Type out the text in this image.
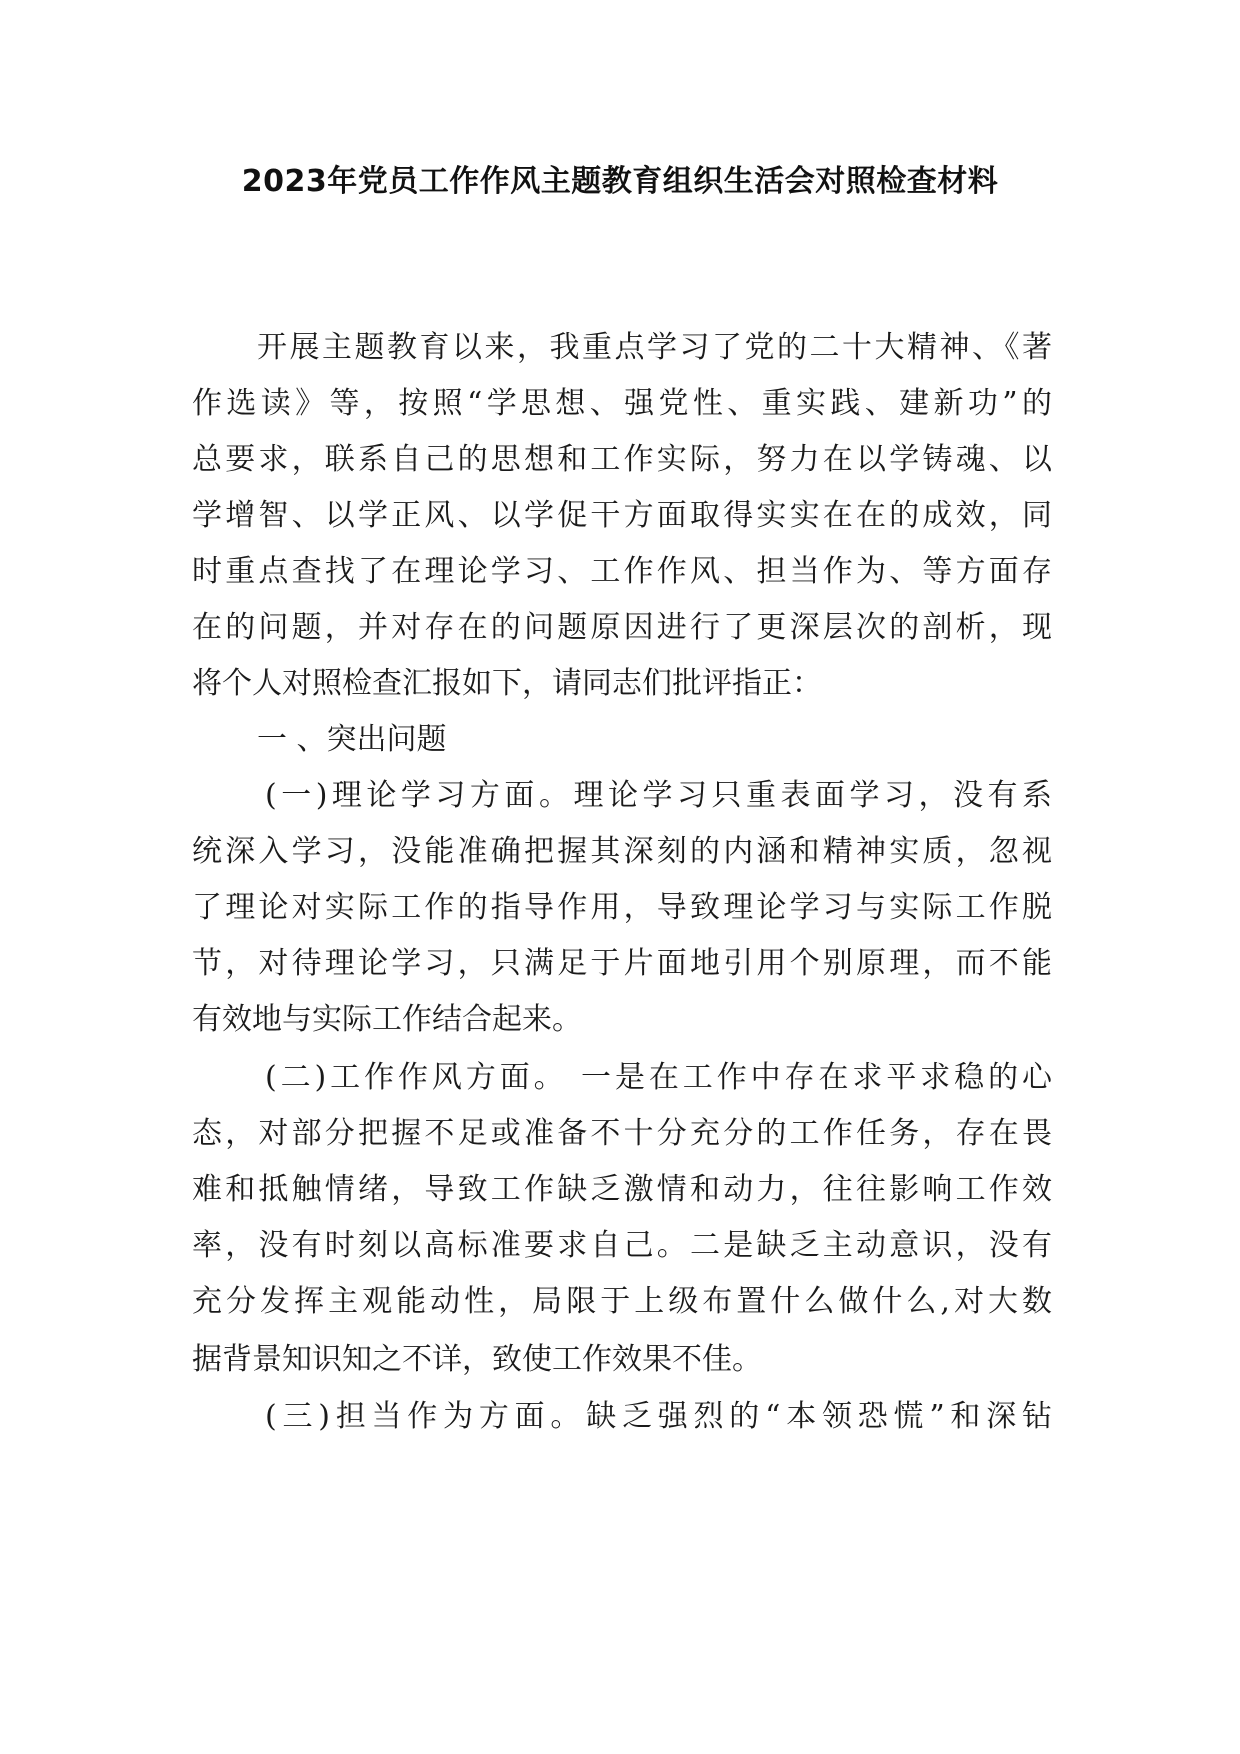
2023年党员工作作风主题教育组织生活会对照检查材料
开展主题教育以来，我重点学习了党的二十大精神、《著
作选读》等，按照“学思想、强党性、重实践、建新功”的
总要求，联系自己的思想和工作实际，努力在以学铸魂、以
学增智、以学正风、以学促干方面取得实实在在的成效，同
时重点查找了在理论学习、工作作风、担当作为、等方面存
在的问题，并对存在的问题原因进行了更深层次的剖析，现
将个人对照检查汇报如下，请同志们批评指正：
一 、突出问题
(一)理论学习方面。理论学习只重表面学习，没有系
统深入学习，没能准确把握其深刻的内涵和精神实质，忽视
了理论对实际工作的指导作用，导致理论学习与实际工作脱
节，对待理论学习，只满足于片面地引用个别原理，而不能
有效地与实际工作结合起来。
(二)工作作风方面。 一是在工作中存在求平求稳的心
态，对部分把握不足或准备不十分充分的工作任务，存在畏
难和抵触情绪，导致工作缺乏激情和动力，往往影响工作效
率，没有时刻以高标准要求自己。二是缺乏主动意识，没有
充分发挥主观能动性，局限于上级布置什么做什么,对大数
据背景知识知之不详，致使工作效果不佳。
(三)担当作为方面。缺乏强烈的“本领恐慌”和深钻
